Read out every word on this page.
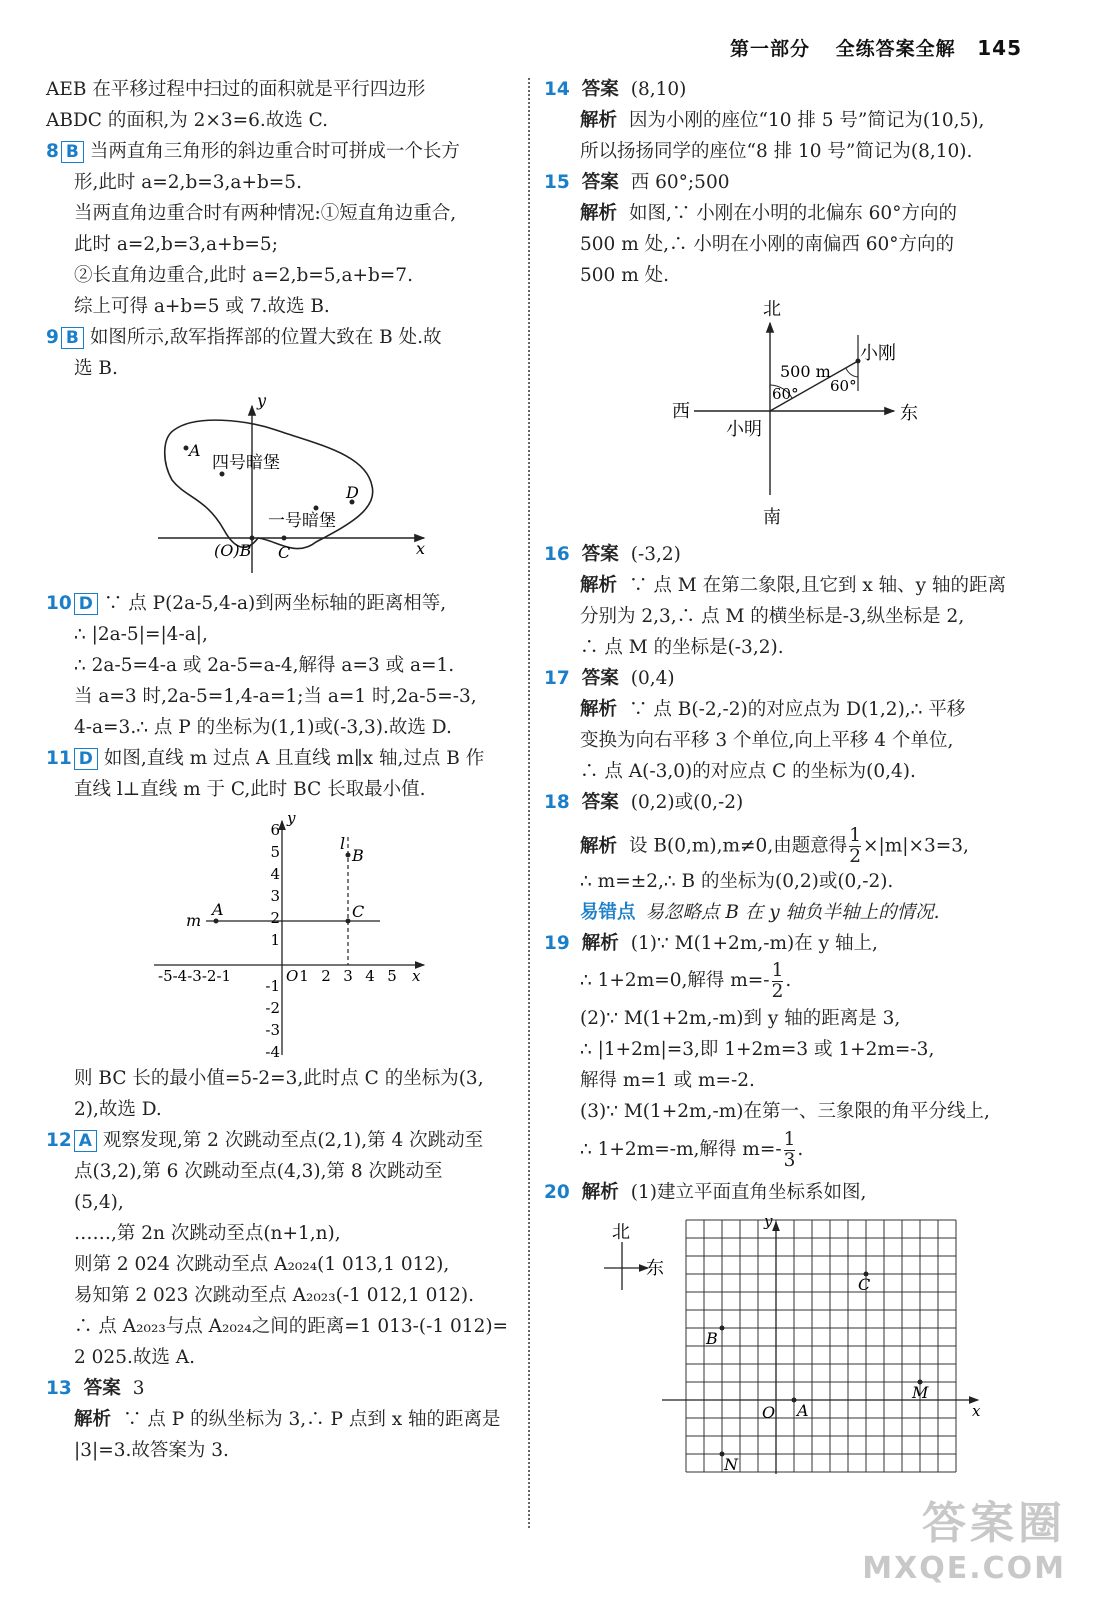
第一部分 全练答案全解 145
AEB 在平移过程中扫过的面积就是平行四边形
ABDC 的面积,为 2×3=6.故选 C.
8 B 当两直角三角形的斜边重合时可拼成一个长方
形,此时 a=2,b=3,a+b=5.
当两直角边重合时有两种情况:①短直角边重合,
此时 a=2,b=3,a+b=5;
②长直角边重合,此时 a=2,b=5,a+b=7.
综上可得 a+b=5 或 7.故选 B.
9 B 如图所示,敌军指挥部的位置大致在 B 处.故
选 B.
y
x
A
四号暗堡
一号暗堡
D
C
(O)B
10 D ∵ 点 P(2a-5,4-a)到两坐标轴的距离相等,
∴ |2a-5|=|4-a|,
∴ 2a-5=4-a 或 2a-5=a-4,解得 a=3 或 a=1.
当 a=3 时,2a-5=1,4-a=1;当 a=1 时,2a-5=-3,
4-a=3.∴ 点 P 的坐标为(1,1)或(-3,3).故选 D.
11 D 如图,直线 m 过点 A 且直线 m∥x 轴,过点 B 作
直线 l⊥直线 m 于 C,此时 BC 长取最小值.
y
x
m
l
A
B
C
O
6
5
4
3
2
1
-1
-2
-3
-4
-5-4-3-2-1	1 2 3 4 5
则 BC 长的最小值=5-2=3,此时点 C 的坐标为(3,
2),故选 D.
12 A 观察发现,第 2 次跳动至点(2,1),第 4 次跳动至
点(3,2),第 6 次跳动至点(4,3),第 8 次跳动至
(5,4),
……,第 2n 次跳动至点(n+1,n),
则第 2 024 次跳动至点 A₂₀₂₄(1 013,1 012),
易知第 2 023 次跳动至点 A₂₀₂₃(-1 012,1 012).
∴ 点 A₂₀₂₃与点 A₂₀₂₄之间的距离=1 013-(-1 012)=
2 025.故选 A.
13 答案 3
解析 ∵ 点 P 的纵坐标为 3,∴ P 点到 x 轴的距离是
|3|=3.故答案为 3.
14 答案 (8,10)
解析 因为小刚的座位“10 排 5 号”简记为(10,5),
所以扬扬同学的座位“8 排 10 号”简记为(8,10).
15 答案 西 60°;500
解析 如图,∵ 小刚在小明的北偏东 60°方向的
500 m 处,∴ 小明在小刚的南偏西 60°方向的
500 m 处.
北
南
西	东
小明
小刚
500 m
60° 60°
16 答案 (-3,2)
解析 ∵ 点 M 在第二象限,且它到 x 轴、y 轴的距离
分别为 2,3,∴ 点 M 的横坐标是-3,纵坐标是 2,
∴ 点 M 的坐标是(-3,2).
17 答案 (0,4)
解析 ∵ 点 B(-2,-2)的对应点为 D(1,2),∴ 平移
变换为向右平移 3 个单位,向上平移 4 个单位,
∴ 点 A(-3,0)的对应点 C 的坐标为(0,4).
18 答案 (0,2)或(0,-2)
解析 设 B(0,m),m≠0,由题意得 $\frac{1}{2} \times|m|\times 3=3$,
∴ m=±2,∴ B 的坐标为(0,2)或(0,-2).
易错点 易忽略点 B 在 y 轴负半轴上的情况.
19 解析 (1)∵ M(1+2m,-m)在 y 轴上,
∴ 1+2m=0,解得 $m=- \frac{1}{2}$ .
(2)∵ M(1+2m,-m)到 y 轴的距离是 3,
∴ |1+2m|=3,即 1+2m=3 或 1+2m=-3,
解得 m=1 或 m=-2.
(3)∵ M(1+2m,-m)在第一、三象限的角平分线上,
∴ 1+2m=-m,解得 $m=- \frac{1}{3}$ .
20 解析 (1)建立平面直角坐标系如图,
北
东
y
x
O A
B
C
M
N
答案圈
MXQE.COM
